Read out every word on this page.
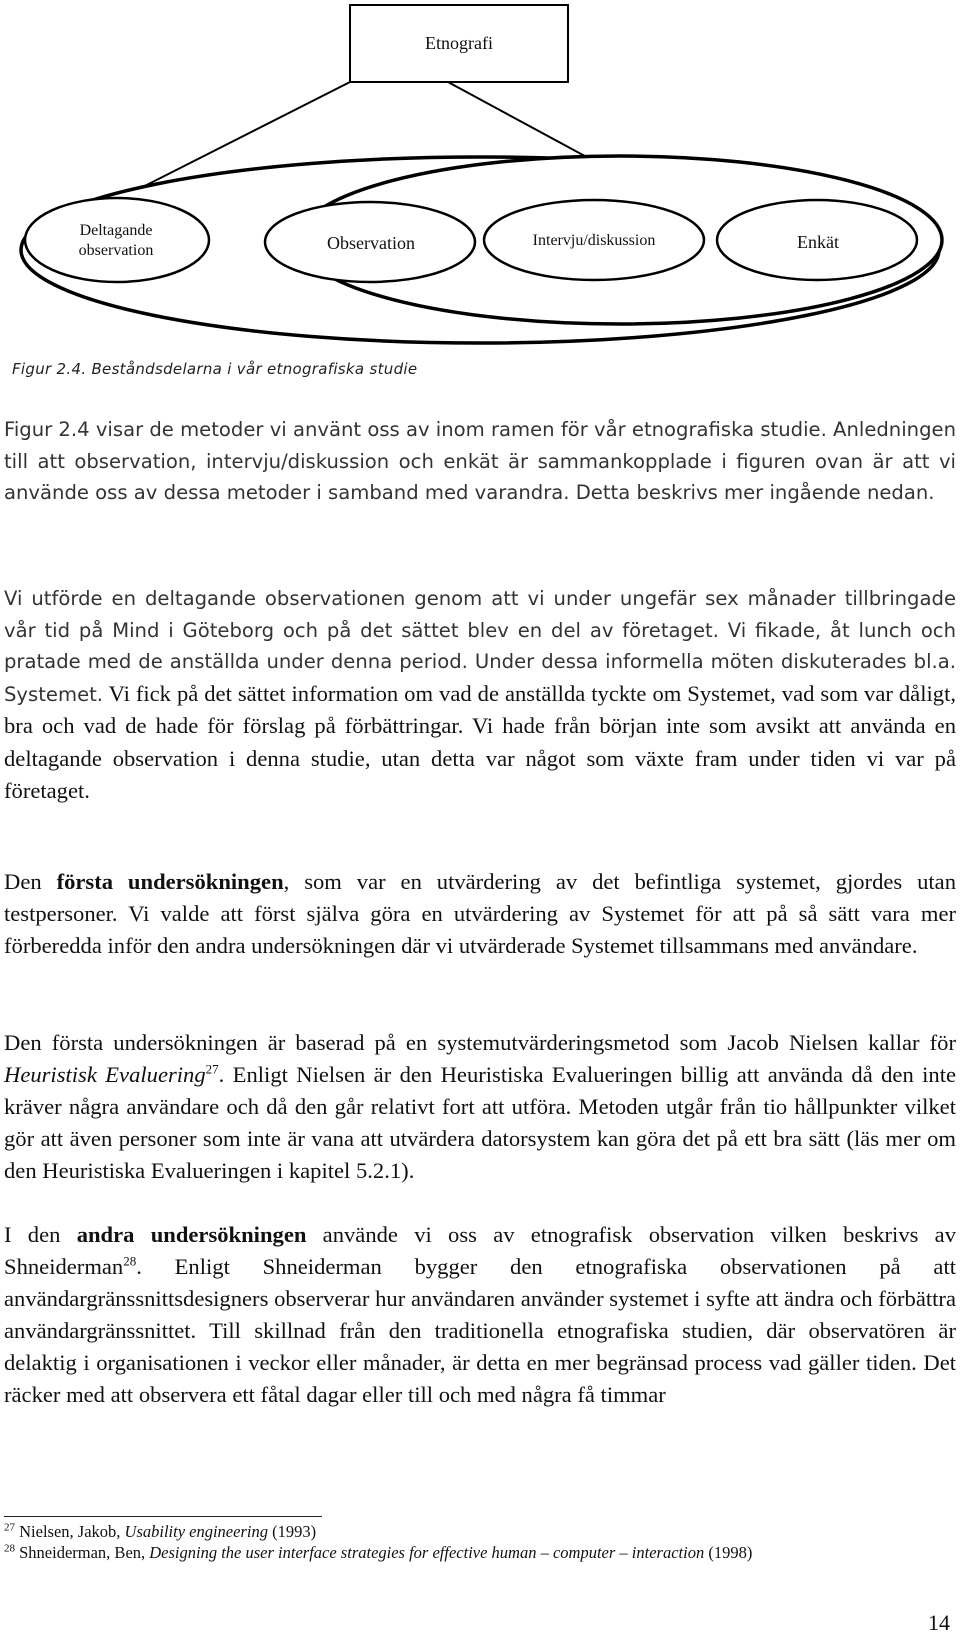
Etnografi
Deltagande observation	Observation	Intervju/diskussion	Enkät
Figur 2.4. Beståndsdelarna i vår etnografiska studie

Figur 2.4 visar de metoder vi använt oss av inom ramen för vår etnografiska studie. Anledningen till att observation, intervju/diskussion och enkät är sammankopplade i figuren ovan är att vi använde oss av dessa metoder i samband med varandra. Detta beskrivs mer ingående nedan.

Vi utförde en deltagande observationen genom att vi under ungefär sex månader tillbringade vår tid på Mind i Göteborg och på det sättet blev en del av företaget. Vi fikade, åt lunch och pratade med de anställda under denna period. Under dessa informella möten diskuterades bl.a. Systemet. Vi fick på det sättet information om vad de anställda tyckte om Systemet, vad som var dåligt, bra och vad de hade för förslag på förbättringar. Vi hade från början inte som avsikt att använda en deltagande observation i denna studie, utan detta var något som växte fram under tiden vi var på företaget.

Den första undersökningen, som var en utvärdering av det befintliga systemet, gjordes utan testpersoner. Vi valde att först själva göra en utvärdering av Systemet för att på så sätt vara mer förberedda inför den andra undersökningen där vi utvärderade Systemet tillsammans med användare.

Den första undersökningen är baserad på en systemutvärderingsmetod som Jacob Nielsen kallar för Heuristisk Evaluering$^{27}$. Enligt Nielsen är den Heuristiska Evalueringen billig att använda då den inte kräver några användare och då den går relativt fort att utföra. Metoden utgår från tio hållpunkter vilket gör att även personer som inte är vana att utvärdera datorsystem kan göra det på ett bra sätt (läs mer om den Heuristiska Evalueringen i kapitel 5.2.1).

I den andra undersökningen använde vi oss av etnografisk observation vilken beskrivs av Shneiderman$^{28}$. Enligt Shneiderman bygger den etnografiska observationen på att användargränssnittsdesigners observerar hur användaren använder systemet i syfte att ändra och förbättra användargränssnittet. Till skillnad från den traditionella etnografiska studien, där observatören är delaktig i organisationen i veckor eller månader, är detta en mer begränsad process vad gäller tiden. Det räcker med att observera ett fåtal dagar eller till och med några få timmar

$^{27}$ Nielsen, Jakob, Usability engineering (1993)

$^{28}$ Shneiderman, Ben, Designing the user interface strategies for effective human – computer – interaction (1998)

14
